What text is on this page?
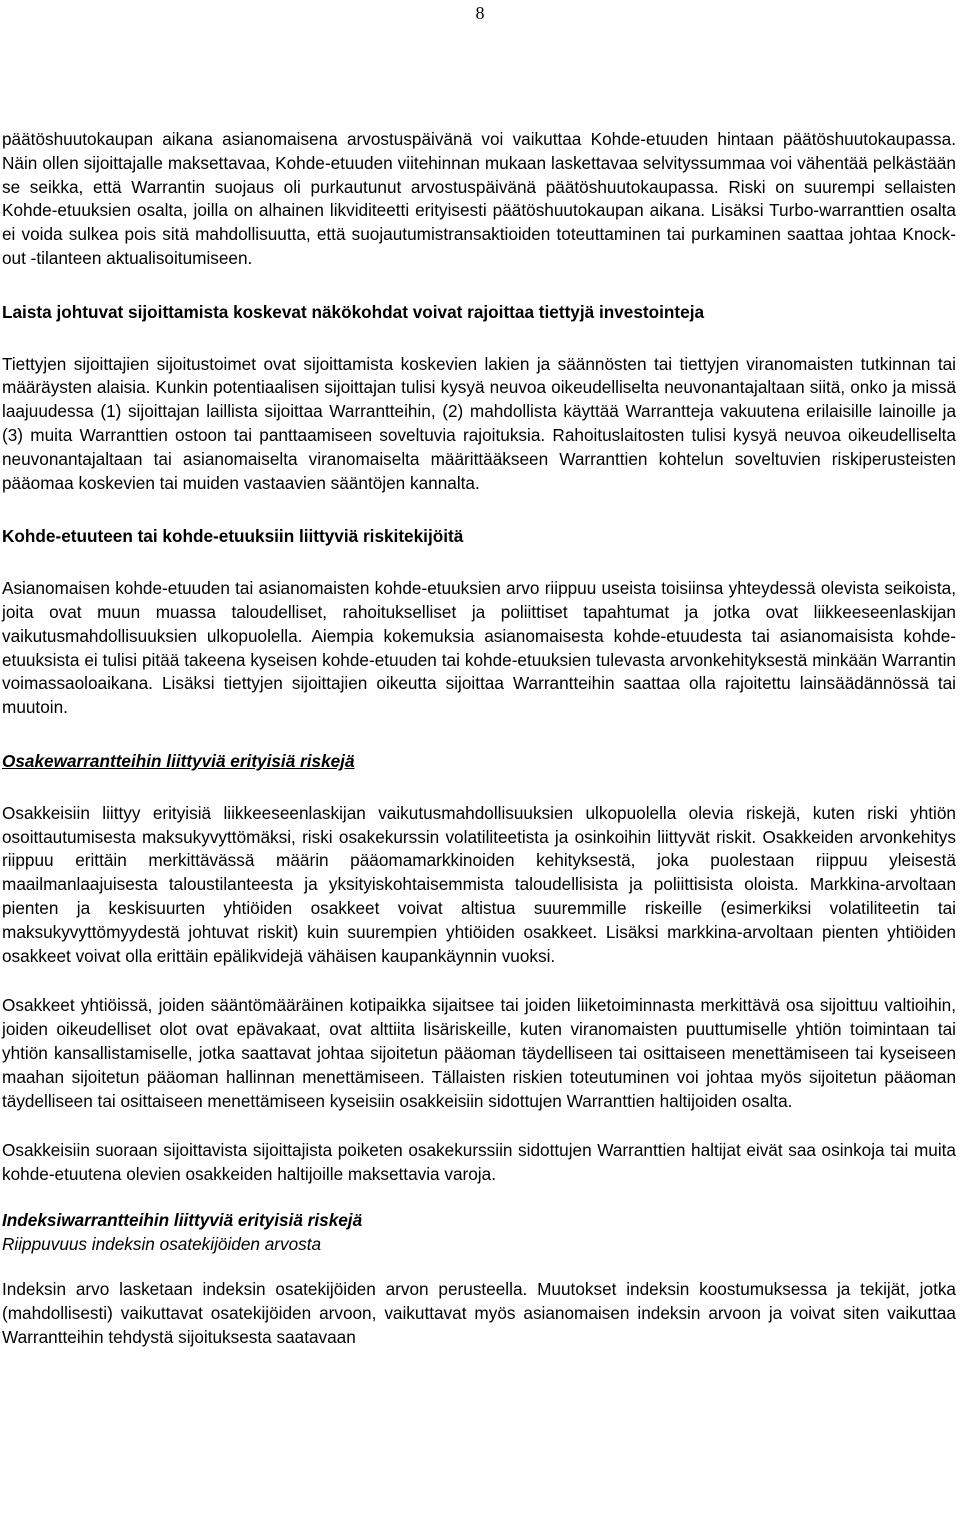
8

päätöshuutokaupan aikana asianomaisena arvostuspäivänä voi vaikuttaa Kohde-etuuden hintaan päätöshuutokaupassa. Näin ollen sijoittajalle maksettavaa, Kohde-etuuden viitehinnan mukaan laskettavaa selvityssummaa voi vähentää pelkästään se seikka, että Warrantin suojaus oli purkautunut arvostuspäivänä päätöshuutokaupassa. Riski on suurempi sellaisten Kohde-etuuksien osalta, joilla on alhainen likviditeetti erityisesti päätöshuutokaupan aikana. Lisäksi Turbo-warranttien osalta ei voida sulkea pois sitä mahdollisuutta, että suojautumistransaktioiden toteuttaminen tai purkaminen saattaa johtaa Knock-out -tilanteen aktualisoitumiseen.

Laista johtuvat sijoittamista koskevat näkökohdat voivat rajoittaa tiettyjä investointeja

Tiettyjen sijoittajien sijoitustoimet ovat sijoittamista koskevien lakien ja säännösten tai tiettyjen viranomaisten tutkinnan tai määräysten alaisia. Kunkin potentiaalisen sijoittajan tulisi kysyä neuvoa oikeudelliselta neuvonantajaltaan siitä, onko ja missä laajuudessa (1) sijoittajan laillista sijoittaa Warrantteihin, (2) mahdollista käyttää Warrantteja vakuutena erilaisille lainoille ja (3) muita Warranttien ostoon tai panttaamiseen soveltuvia rajoituksia. Rahoituslaitosten tulisi kysyä neuvoa oikeudelliselta neuvonantajaltaan tai asianomaiselta viranomaiselta määrittääkseen Warranttien kohtelun soveltuvien riskiperusteisten pääomaa koskevien tai muiden vastaavien sääntöjen kannalta.

Kohde-etuuteen tai kohde-etuuksiin liittyviä riskitekijöitä

Asianomaisen kohde-etuuden tai asianomaisten kohde-etuuksien arvo riippuu useista toisiinsa yhteydessä olevista seikoista, joita ovat muun muassa taloudelliset, rahoitukselliset ja poliittiset tapahtumat ja jotka ovat liikkeeseenlaskijan vaikutusmahdollisuuksien ulkopuolella. Aiempia kokemuksia asianomaisesta kohde-etuudesta tai asianomaisista kohde-etuuksista ei tulisi pitää takeena kyseisen kohde-etuuden tai kohde-etuuksien tulevasta arvonkehityksestä minkään Warrantin voimassaoloaikana. Lisäksi tiettyjen sijoittajien oikeutta sijoittaa Warrantteihin saattaa olla rajoitettu lainsäädännössä tai muutoin.

Osakewarrantteihin liittyviä erityisiä riskejä

Osakkeisiin liittyy erityisiä liikkeeseenlaskijan vaikutusmahdollisuuksien ulkopuolella olevia riskejä, kuten riski yhtiön osoittautumisesta maksukyvyttömäksi, riski osakekurssin volatiliteetista ja osinkoihin liittyvät riskit. Osakkeiden arvonkehitys riippuu erittäin merkittävässä määrin pääomamarkkinoiden kehityksestä, joka puolestaan riippuu yleisestä maailmanlaajuisesta taloustilanteesta ja yksityiskohtaisemmista taloudellisista ja poliittisista oloista. Markkina-arvoltaan pienten ja keskisuurten yhtiöiden osakkeet voivat altistua suuremmille riskeille (esimerkiksi volatiliteetin tai maksukyvyttömyydestä johtuvat riskit) kuin suurempien yhtiöiden osakkeet. Lisäksi markkina-arvoltaan pienten yhtiöiden osakkeet voivat olla erittäin epälikvidejä vähäisen kaupankäynnin vuoksi.

Osakkeet yhtiöissä, joiden sääntömääräinen kotipaikka sijaitsee tai joiden liiketoiminnasta merkittävä osa sijoittuu valtioihin, joiden oikeudelliset olot ovat epävakaat, ovat alttiita lisäriskeille, kuten viranomaisten puuttumiselle yhtiön toimintaan tai yhtiön kansallistamiselle, jotka saattavat johtaa sijoitetun pääoman täydelliseen tai osittaiseen menettämiseen tai kyseiseen maahan sijoitetun pääoman hallinnan menettämiseen. Tällaisten riskien toteutuminen voi johtaa myös sijoitetun pääoman täydelliseen tai osittaiseen menettämiseen kyseisiin osakkeisiin sidottujen Warranttien haltijoiden osalta.

Osakkeisiin suoraan sijoittavista sijoittajista poiketen osakekurssiin sidottujen Warranttien haltijat eivät saa osinkoja tai muita kohde-etuutena olevien osakkeiden haltijoille maksettavia varoja.

Indeksiwarrantteihin liittyviä erityisiä riskejä
Riippuvuus indeksin osatekijöiden arvosta

Indeksin arvo lasketaan indeksin osatekijöiden arvon perusteella. Muutokset indeksin koostumuksessa ja tekijät, jotka (mahdollisesti) vaikuttavat osatekijöiden arvoon, vaikuttavat myös asianomaisen indeksin arvoon ja voivat siten vaikuttaa Warrantteihin tehdystä sijoituksesta saatavaan
